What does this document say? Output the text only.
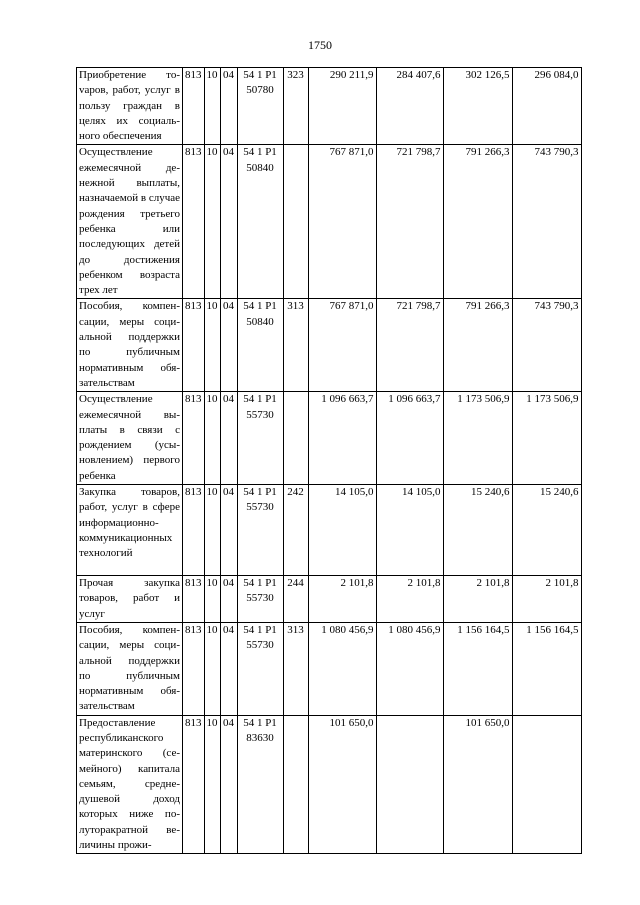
1750
Приобретение тоvаров, работ, услуг в пользу граждан в целях их социального обеспечения	813	10	04	54 1 P1 50780	323	290 211,9	284 407,6	302 126,5	296 084,0
Осуществление ежемесячной денежной выплаты, назначаемой в случае рождения третьего ребенка или последующих детей до достижения ребенком возраста трех лет	813	10	04	54 1 P1 50840		767 871,0	721 798,7	791 266,3	743 790,3
Пособия, компенсации, меры социальной поддержки по публичным нормативным обязательствам	813	10	04	54 1 P1 50840	313	767 871,0	721 798,7	791 266,3	743 790,3
Осуществление ежемесячной выплаты в связи с рождением (усыновлением) первого ребенка	813	10	04	54 1 P1 55730		1 096 663,7	1 096 663,7	1 173 506,9	1 173 506,9
Закупка товаров, работ, услуг в сфере информационно-коммуникационных технологий	813	10	04	54 1 P1 55730	242	14 105,0	14 105,0	15 240,6	15 240,6
Прочая закупка товаров, работ и услуг	813	10	04	54 1 P1 55730	244	2 101,8	2 101,8	2 101,8	2 101,8
Пособия, компенсации, меры социальной поддержки по публичным нормативным обязательствам	813	10	04	54 1 P1 55730	313	1 080 456,9	1 080 456,9	1 156 164,5	1 156 164,5
Предоставление республиканского материнского (семейного) капитала семьям, среднедушевой доход которых ниже полуторакратной величины прожи-	813	10	04	54 1 P1 83630		101 650,0		101 650,0	
